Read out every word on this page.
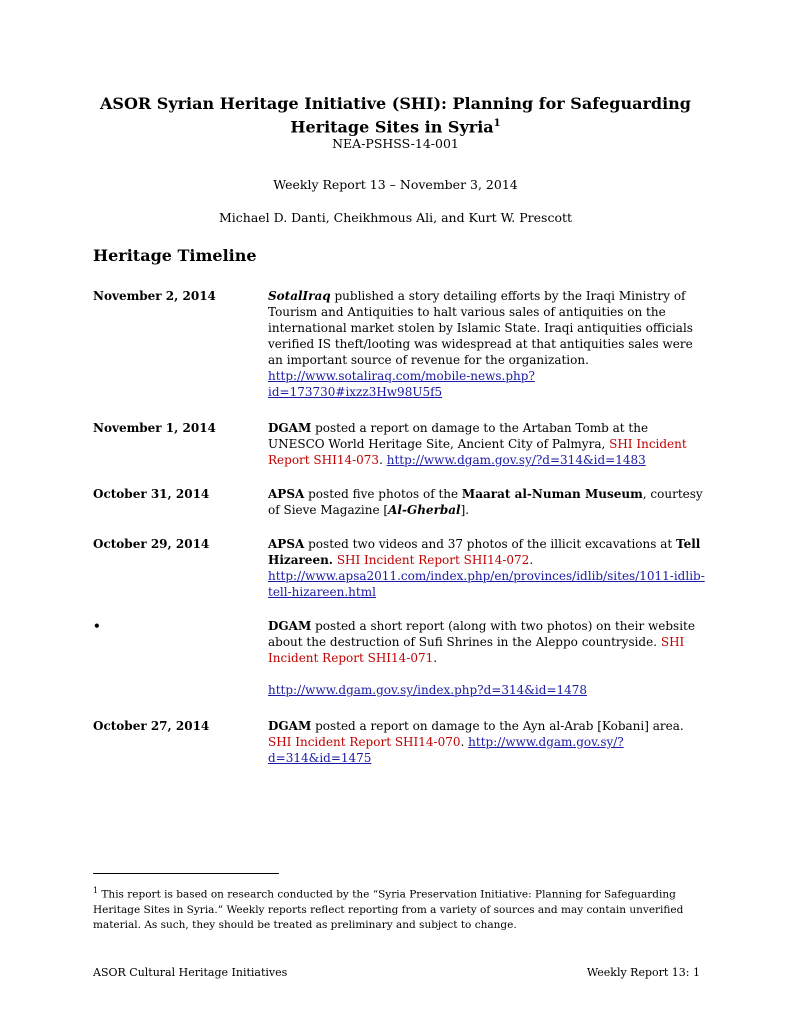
ASOR Syrian Heritage Initiative (SHI): Planning for Safeguarding Heritage Sites in Syria$^1$
NEA-PSHSS-14-001
Weekly Report 13 – November 3, 2014
Michael D. Danti, Cheikhmous Ali, and Kurt W. Prescott
Heritage Timeline
November 2, 2014	SotalIraq published a story detailing efforts by the Iraqi Ministry of Tourism and Antiquities to halt various sales of antiquities on the international market stolen by Islamic State. Iraqi antiquities officials verified IS theft/looting was widespread at that antiquities sales were an important source of revenue for the organization. http://www.sotaliraq.com/mobile-news.php?id=173730#ixzz3Hw98U5f5
November 1, 2014	DGAM posted a report on damage to the Artaban Tomb at the UNESCO World Heritage Site, Ancient City of Palmyra, SHI Incident Report SHI14-073. http://www.dgam.gov.sy/?d=314&id=1483
October 31, 2014	APSA posted five photos of the Maarat al-Numan Museum, courtesy of Sieve Magazine [Al-Gherbal].
October 29, 2014	APSA posted two videos and 37 photos of the illicit excavations at Tell Hizareen. SHI Incident Report SHI14-072. http://www.apsa2011.com/index.php/en/provinces/idlib/sites/1011-idlib-tell-hizareen.html
•	DGAM posted a short report (along with two photos) on their website about the destruction of Sufi Shrines in the Aleppo countryside. SHI Incident Report SHI14-071.
http://www.dgam.gov.sy/index.php?d=314&id=1478
October 27, 2014	DGAM posted a report on damage to the Ayn al-Arab [Kobani] area. SHI Incident Report SHI14-070. http://www.dgam.gov.sy/?d=314&id=1475
$^1$ This report is based on research conducted by the “Syria Preservation Initiative: Planning for Safeguarding Heritage Sites in Syria.” Weekly reports reflect reporting from a variety of sources and may contain unverified material. As such, they should be treated as preliminary and subject to change.
ASOR Cultural Heritage Initiatives	Weekly Report 13: 1
